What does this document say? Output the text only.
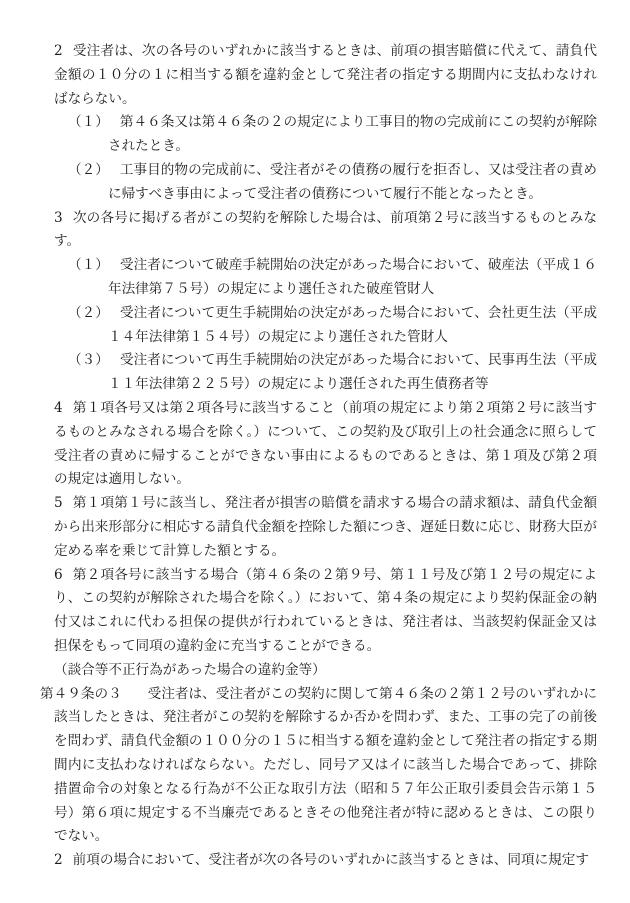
2 受注者は、次の各号のいずれかに該当するときは、前項の損害賠償に代えて、請負代金額の１０分の１に相当する額を違約金として発注者の指定する期間内に支払わなければならない。

（１） 第４６条又は第４６条の２の規定により工事目的物の完成前にこの契約が解除されたとき。

（２） 工事目的物の完成前に、受注者がその債務の履行を拒否し、又は受注者の責めに帰すべき事由によって受注者の債務について履行不能となったとき。

3 次の各号に掲げる者がこの契約を解除した場合は、前項第２号に該当するものとみなす。

（１） 受注者について破産手続開始の決定があった場合において、破産法（平成１６年法律第７５号）の規定により選任された破産管財人

（２） 受注者について更生手続開始の決定があった場合において、会社更生法（平成１４年法律第１５４号）の規定により選任された管財人

（３） 受注者について再生手続開始の決定があった場合において、民事再生法（平成１１年法律第２２５号）の規定により選任された再生債務者等

4 第１項各号又は第２項各号に該当すること（前項の規定により第２項第２号に該当するものとみなされる場合を除く。）について、この契約及び取引上の社会通念に照らして受注者の責めに帰することができない事由によるものであるときは、第１項及び第２項の規定は適用しない。

5 第１項第１号に該当し、発注者が損害の賠償を請求する場合の請求額は、請負代金額から出来形部分に相応する請負代金額を控除した額につき、遅延日数に応じ、財務大臣が定める率を乗じて計算した額とする。

6 第２項各号に該当する場合（第４６条の２第９号、第１１号及び第１２号の規定により、この契約が解除された場合を除く。）において、第４条の規定により契約保証金の納付又はこれに代わる担保の提供が行われているときは、発注者は、当該契約保証金又は担保をもって同項の違約金に充当することができる。

（談合等不正行為があった場合の違約金等）

第４９条の３ 受注者は、受注者がこの契約に関して第４６条の２第１２号のいずれかに該当したときは、発注者がこの契約を解除するか否かを問わず、また、工事の完了の前後を問わず、請負代金額の１００分の１５に相当する額を違約金として発注者の指定する期間内に支払わなければならない。ただし、同号ア又はイに該当した場合であって、排除措置命令の対象となる行為が不公正な取引方法（昭和５７年公正取引委員会告示第１５号）第６項に規定する不当廉売であるときその他発注者が特に認めるときは、この限りでない。

2 前項の場合において、受注者が次の各号のいずれかに該当するときは、同項に規定す
